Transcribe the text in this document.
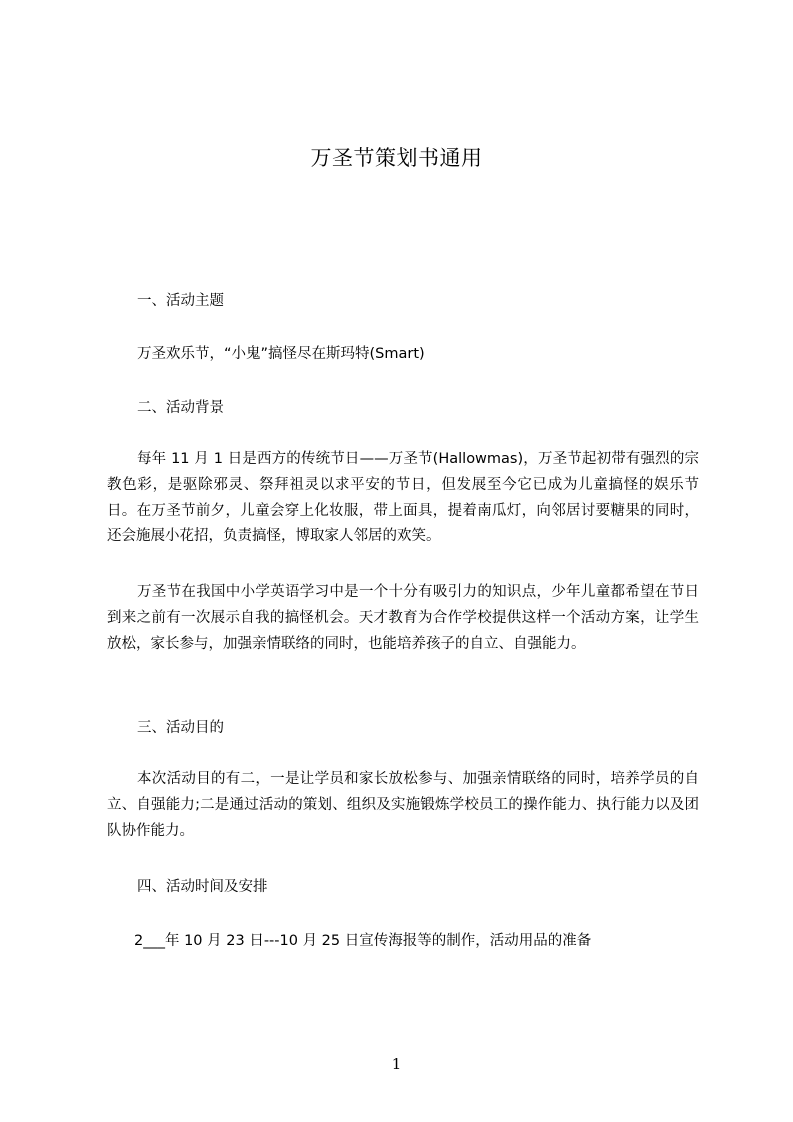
万圣节策划书通用
一、活动主题
万圣欢乐节，“小鬼”搞怪尽在斯玛特(Smart)
二、活动背景
每年 11 月 1 日是西方的传统节日——万圣节(Hallowmas)，万圣节起初带有强烈的宗教色彩，是驱除邪灵、祭拜祖灵以求平安的节日，但发展至今它已成为儿童搞怪的娱乐节日。在万圣节前夕，儿童会穿上化妆服，带上面具，提着南瓜灯，向邻居讨要糖果的同时，还会施展小花招，负责搞怪，博取家人邻居的欢笑。
万圣节在我国中小学英语学习中是一个十分有吸引力的知识点，少年儿童都希望在节日到来之前有一次展示自我的搞怪机会。天才教育为合作学校提供这样一个活动方案，让学生放松，家长参与，加强亲情联络的同时，也能培养孩子的自立、自强能力。
三、活动目的
本次活动目的有二，一是让学员和家长放松参与、加强亲情联络的同时，培养学员的自立、自强能力;二是通过活动的策划、组织及实施锻炼学校员工的操作能力、执行能力以及团队协作能力。
四、活动时间及安排
2___年 10 月 23 日---10 月 25 日宣传海报等的制作，活动用品的准备
1
